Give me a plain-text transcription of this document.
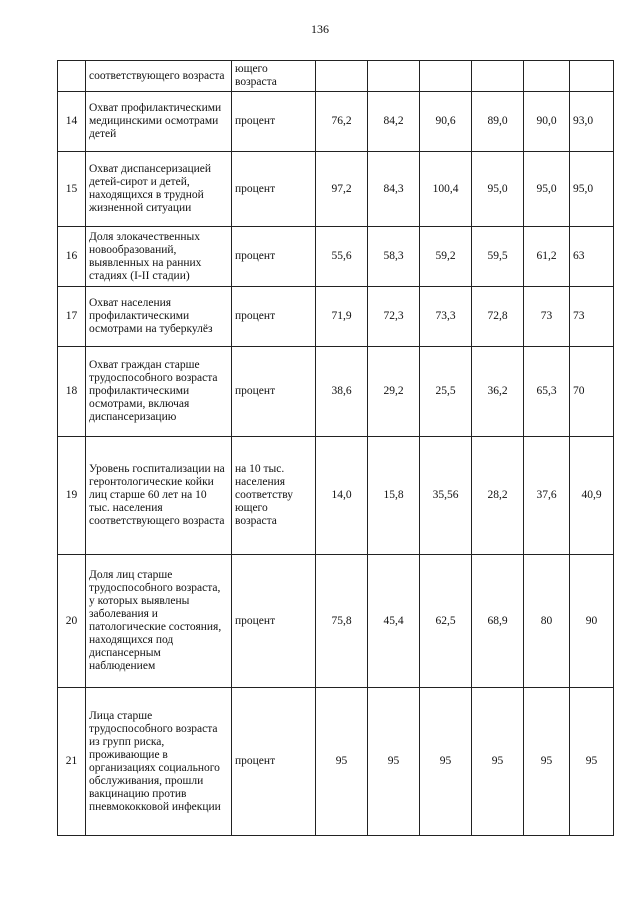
136
	соответствующего возраста	ющего возраста						
14	Охват профилактическими медицинскими осмотрами детей	процент	76,2	84,2	90,6	89,0	90,0	93,0
15	Охват диспансеризацией детей-сирот и детей, находящихся в трудной жизненной ситуации	процент	97,2	84,3	100,4	95,0	95,0	95,0
16	Доля злокачественных новообразований, выявленных на ранних стадиях (I-II стадии)	процент	55,6	58,3	59,2	59,5	61,2	63
17	Охват населения профилактическими осмотрами на туберкулёз	процент	71,9	72,3	73,3	72,8	73	73
18	Охват граждан старше трудоспособного возраста профилактическими осмотрами, включая диспансеризацию	процент	38,6	29,2	25,5	36,2	65,3	70
19	Уровень госпитализации на геронтологические койки лиц старше 60 лет на 10 тыс. населения соответствующего возраста	на 10 тыс. населения соответству ющего возраста	14,0	15,8	35,56	28,2	37,6	40,9
20	Доля лиц старше трудоспособного возраста, у которых выявлены заболевания и патологические состояния, находящихся под диспансерным наблюдением	процент	75,8	45,4	62,5	68,9	80	90
21	Лица старше трудоспособного возраста из групп риска, проживающие в организациях социального обслуживания, прошли вакцинацию против пневмококковой инфекции	процент	95	95	95	95	95	95
